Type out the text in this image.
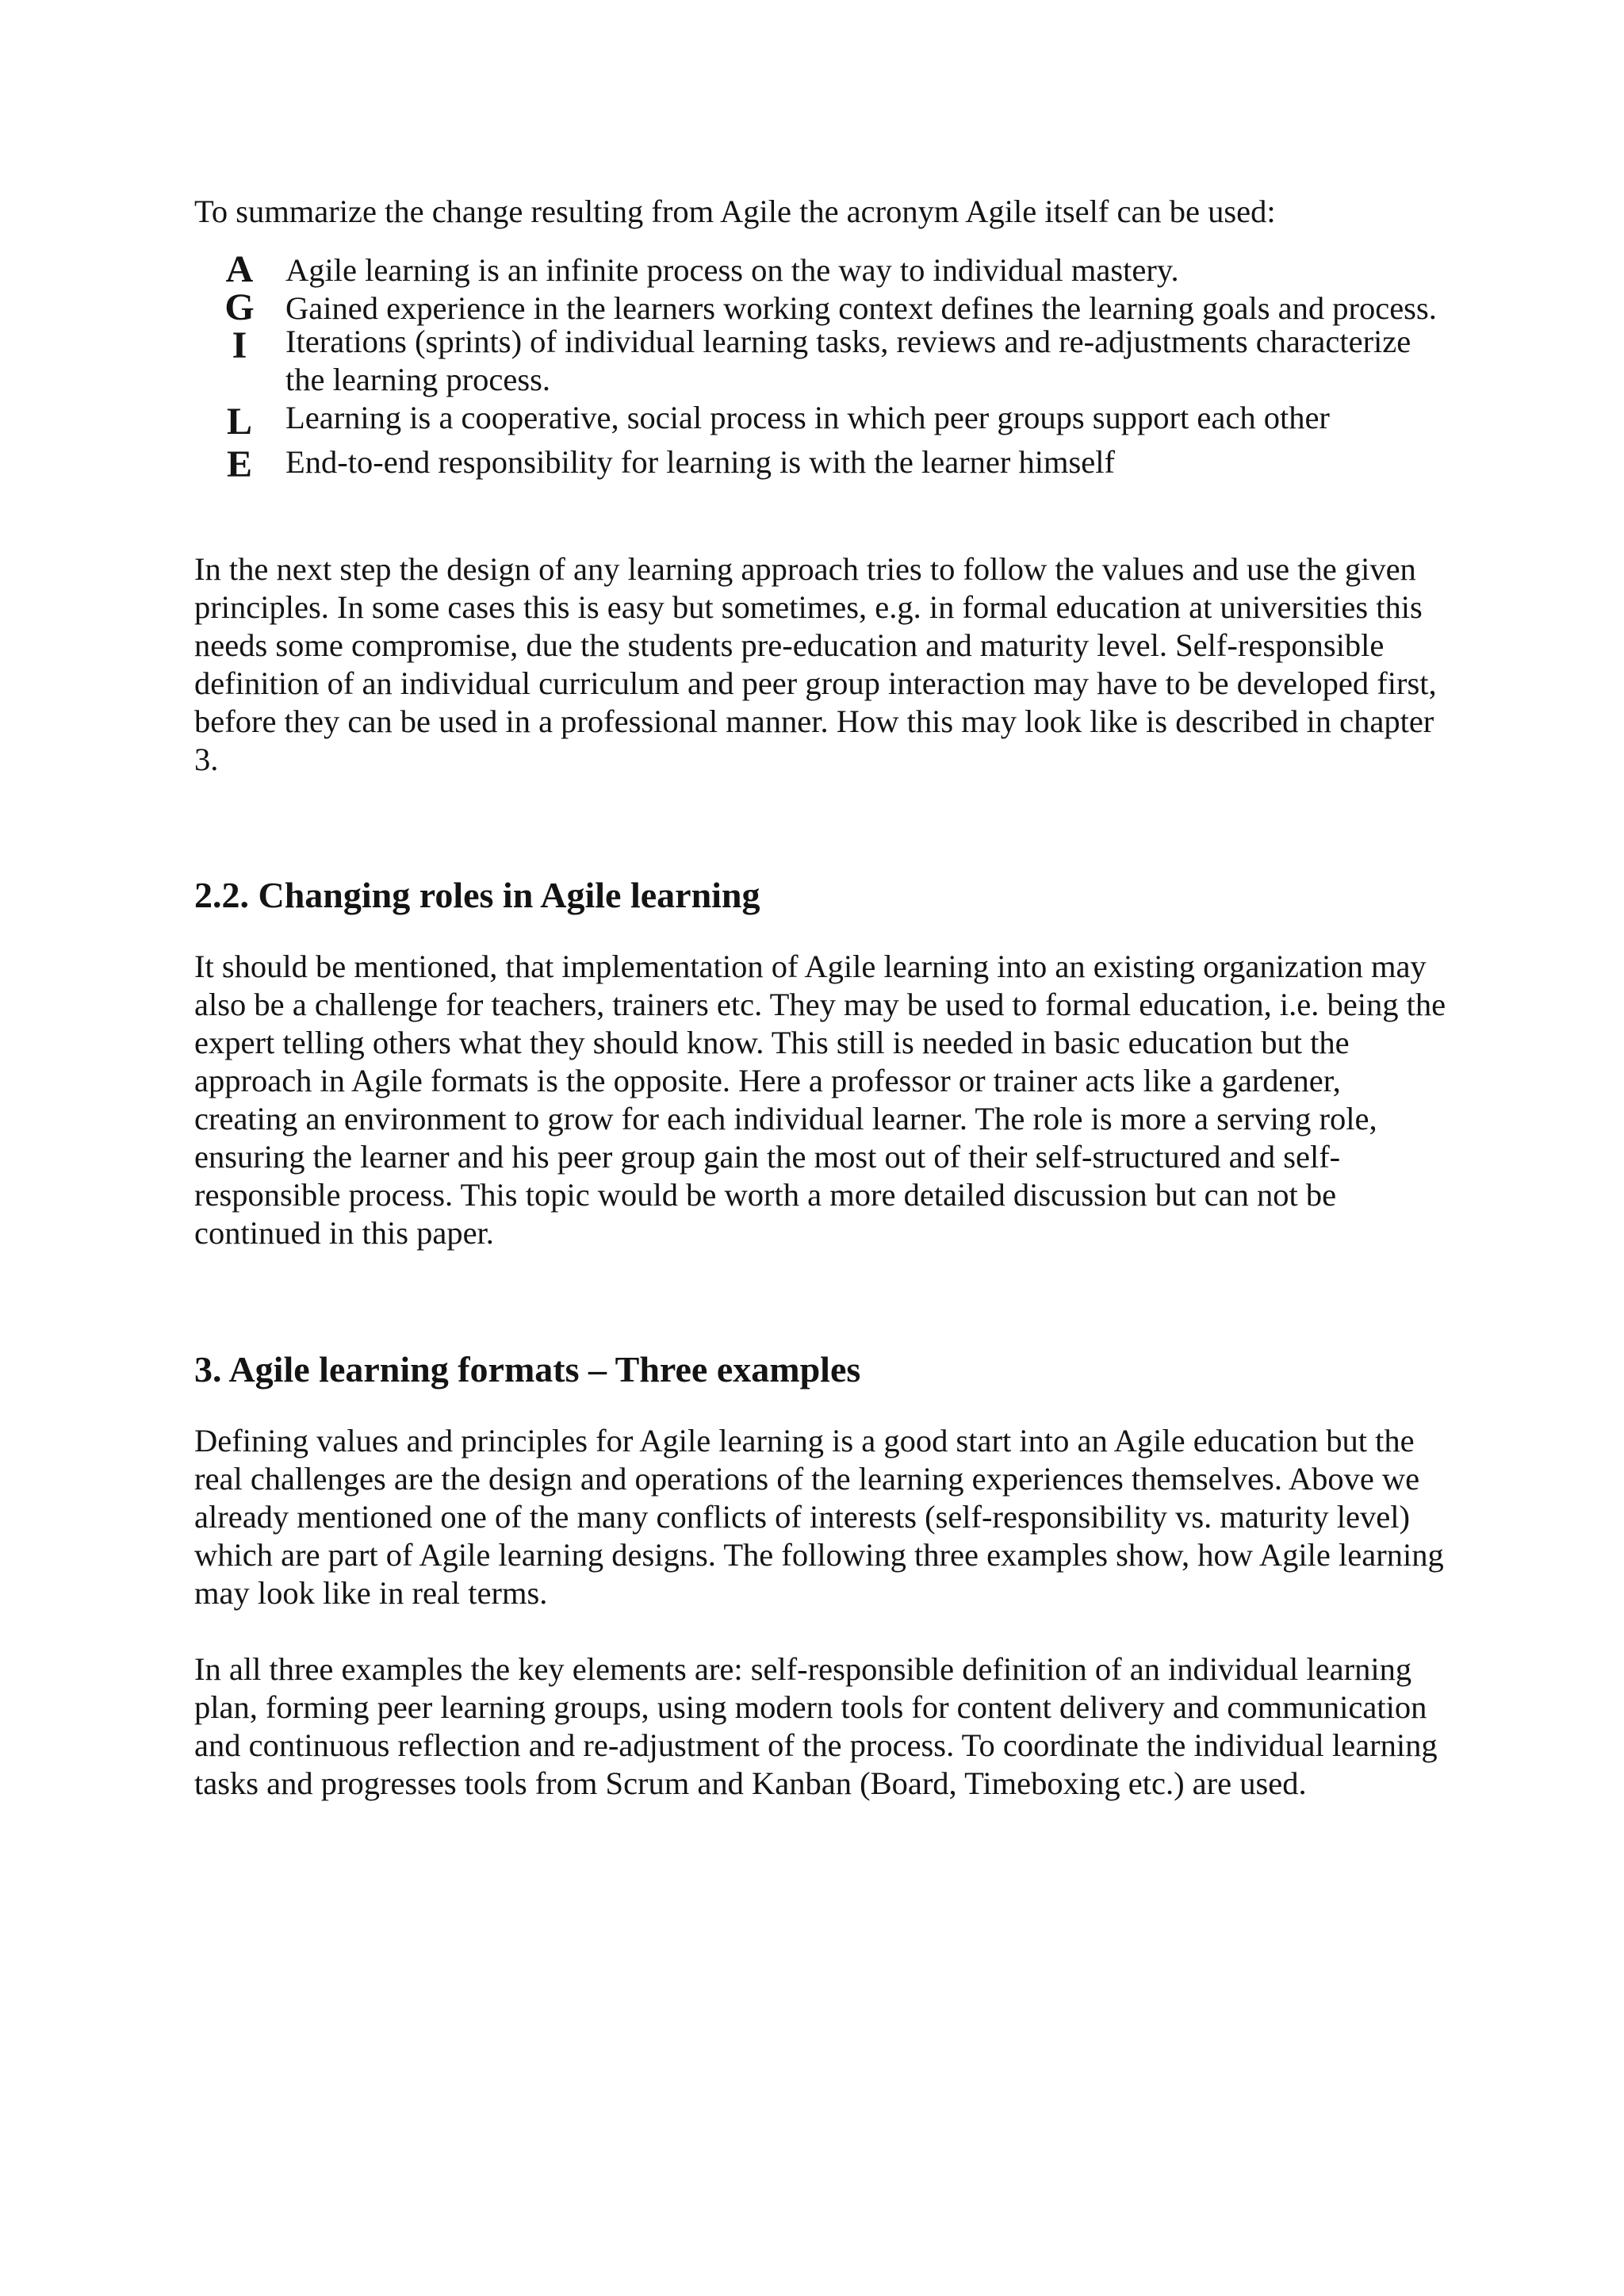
To summarize the change resulting from Agile the acronym Agile itself can be used:

A	Agile learning is an infinite process on the way to individual mastery.
G Gained experience in the learners working context defines the learning goals and process.
I	Iterations (sprints) of individual learning tasks, reviews and re-adjustments characterize the learning process.
L	Learning is a cooperative, social process in which peer groups support each other
E	End-to-end responsibility for learning is with the learner himself

In the next step the design of any learning approach tries to follow the values and use the given principles. In some cases this is easy but sometimes, e.g. in formal education at universities this needs some compromise, due the students pre-education and maturity level. Self-responsible definition of an individual curriculum and peer group interaction may have to be developed first, before they can be used in a professional manner. How this may look like is described in chapter 3.

2.2. Changing roles in Agile learning

It should be mentioned, that implementation of Agile learning into an existing organization may also be a challenge for teachers, trainers etc. They may be used to formal education, i.e. being the expert telling others what they should know. This still is needed in basic education but the approach in Agile formats is the opposite. Here a professor or trainer acts like a gardener, creating an environment to grow for each individual learner. The role is more a serving role, ensuring the learner and his peer group gain the most out of their self-structured and self-responsible process. This topic would be worth a more detailed discussion but can not be continued in this paper.

3. Agile learning formats – Three examples

Defining values and principles for Agile learning is a good start into an Agile education but the real challenges are the design and operations of the learning experiences themselves. Above we already mentioned one of the many conflicts of interests (self-responsibility vs. maturity level) which are part of Agile learning designs. The following three examples show, how Agile learning may look like in real terms.

In all three examples the key elements are: self-responsible definition of an individual learning plan, forming peer learning groups, using modern tools for content delivery and communication and continuous reflection and re-adjustment of the process. To coordinate the individual learning tasks and progresses tools from Scrum and Kanban (Board, Timeboxing etc.) are used.
